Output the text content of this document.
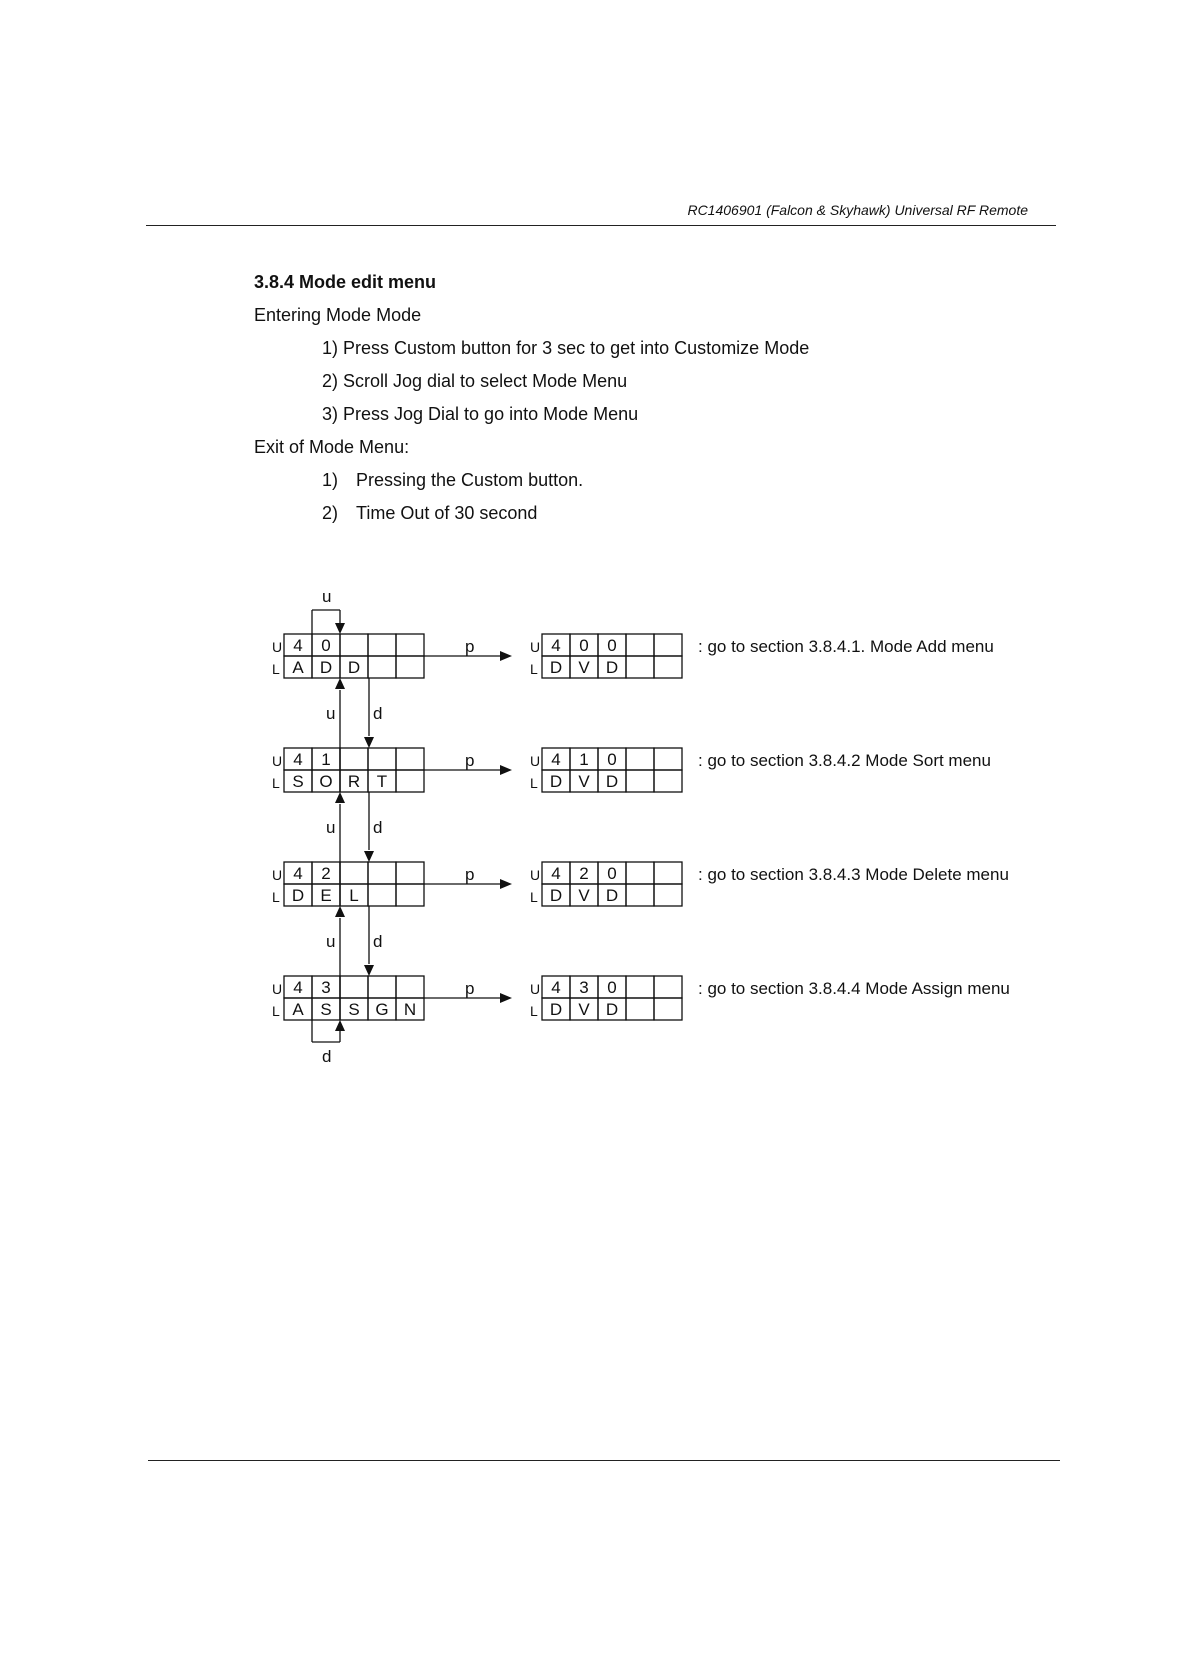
RC1406901 (Falcon & Skyhawk) Universal RF Remote

3.8.4 Mode edit menu

Entering Mode Mode

1) Press Custom button for 3 sec to get into Customize Mode

2) Scroll Jog dial to select Mode Menu

3) Press Jog Dial to go into Mode Menu

Exit of Mode Menu:

1) Pressing the Custom button.

2) Time Out of 30 second

U
L
4 0
A D D
U
L
4 0 0
D V D
p	: go to section 3.8.4.1. Mode Add menu
U
L
4 1
S O R T
U
L
4 1 0
D V D
p	: go to section 3.8.4.2 Mode Sort menu
U
L
4 2
D E L
U
L
4 2 0
D V D
p	: go to section 3.8.4.3 Mode Delete menu
U
L
4 3
A S S G N
U
L
4 3 0
D V D
p	: go to section 3.8.4.4 Mode Assign menu
u d
u d
u d
u
d
